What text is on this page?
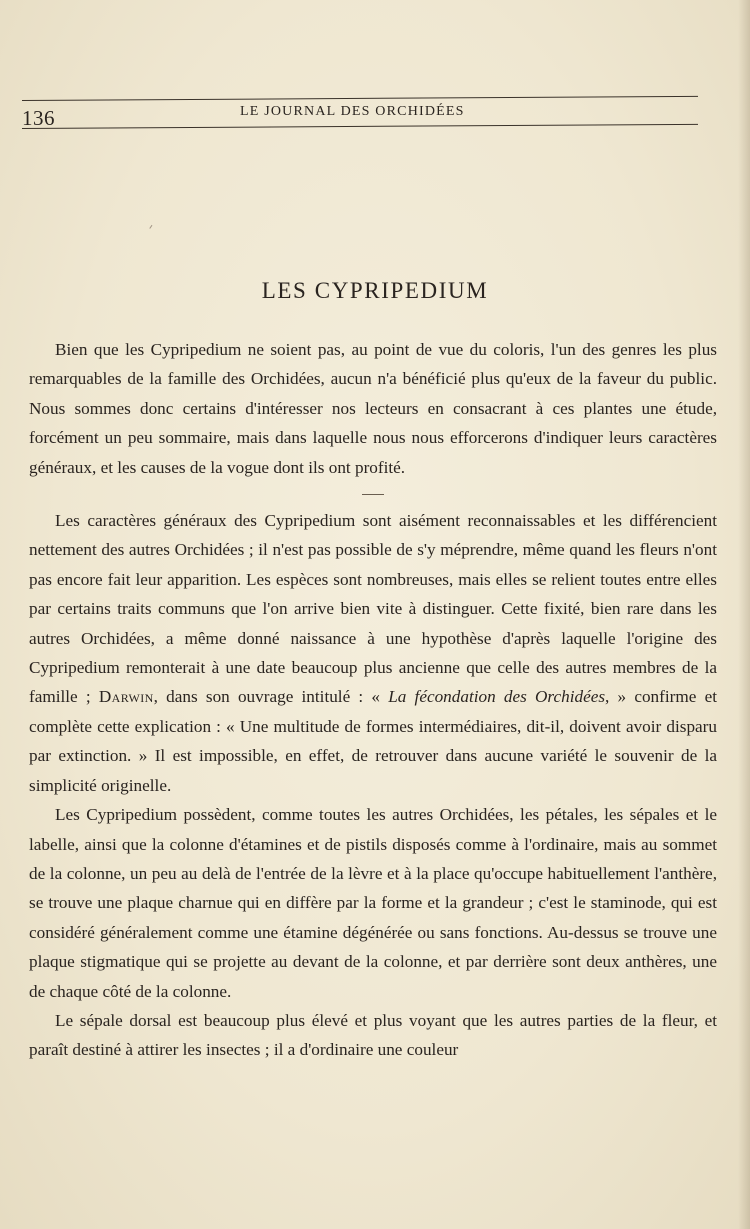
136	LE JOURNAL DES ORCHIDÉES
LES CYPRIPEDIUM

Bien que les Cypripedium ne soient pas, au point de vue du coloris, l'un des genres les plus remarquables de la famille des Orchidées, aucun n'a bénéficié plus qu'eux de la faveur du public. Nous sommes donc certains d'intéresser nos lecteurs en consacrant à ces plantes une étude, forcément un peu sommaire, mais dans laquelle nous nous efforcerons d'indiquer leurs caractères généraux, et les causes de la vogue dont ils ont profité.

Les caractères généraux des Cypripedium sont aisément reconnaissables et les différencient nettement des autres Orchidées ; il n'est pas possible de s'y méprendre, même quand les fleurs n'ont pas encore fait leur apparition. Les espèces sont nombreuses, mais elles se relient toutes entre elles par certains traits communs que l'on arrive bien vite à distinguer. Cette fixité, bien rare dans les autres Orchidées, a même donné naissance à une hypothèse d'après laquelle l'origine des Cypripedium remonterait à une date beaucoup plus ancienne que celle des autres membres de la famille ; Darwin, dans son ouvrage intitulé : « La fécondation des Orchidées, » confirme et complète cette explication : « Une multitude de formes intermédiaires, dit-il, doivent avoir disparu par extinction. » Il est impossible, en effet, de retrouver dans aucune variété le souvenir de la simplicité originelle.

Les Cypripedium possèdent, comme toutes les autres Orchidées, les pétales, les sépales et le labelle, ainsi que la colonne d'étamines et de pistils disposés comme à l'ordinaire, mais au sommet de la colonne, un peu au delà de l'entrée de la lèvre et à la place qu'occupe habituellement l'anthère, se trouve une plaque charnue qui en diffère par la forme et la grandeur ; c'est le staminode, qui est considéré généralement comme une étamine dégénérée ou sans fonctions. Au-dessus se trouve une plaque stigmatique qui se projette au devant de la colonne, et par derrière sont deux anthères, une de chaque côté de la colonne.

Le sépale dorsal est beaucoup plus élevé et plus voyant que les autres parties de la fleur, et paraît destiné à attirer les insectes ; il a d'ordinaire une couleur
